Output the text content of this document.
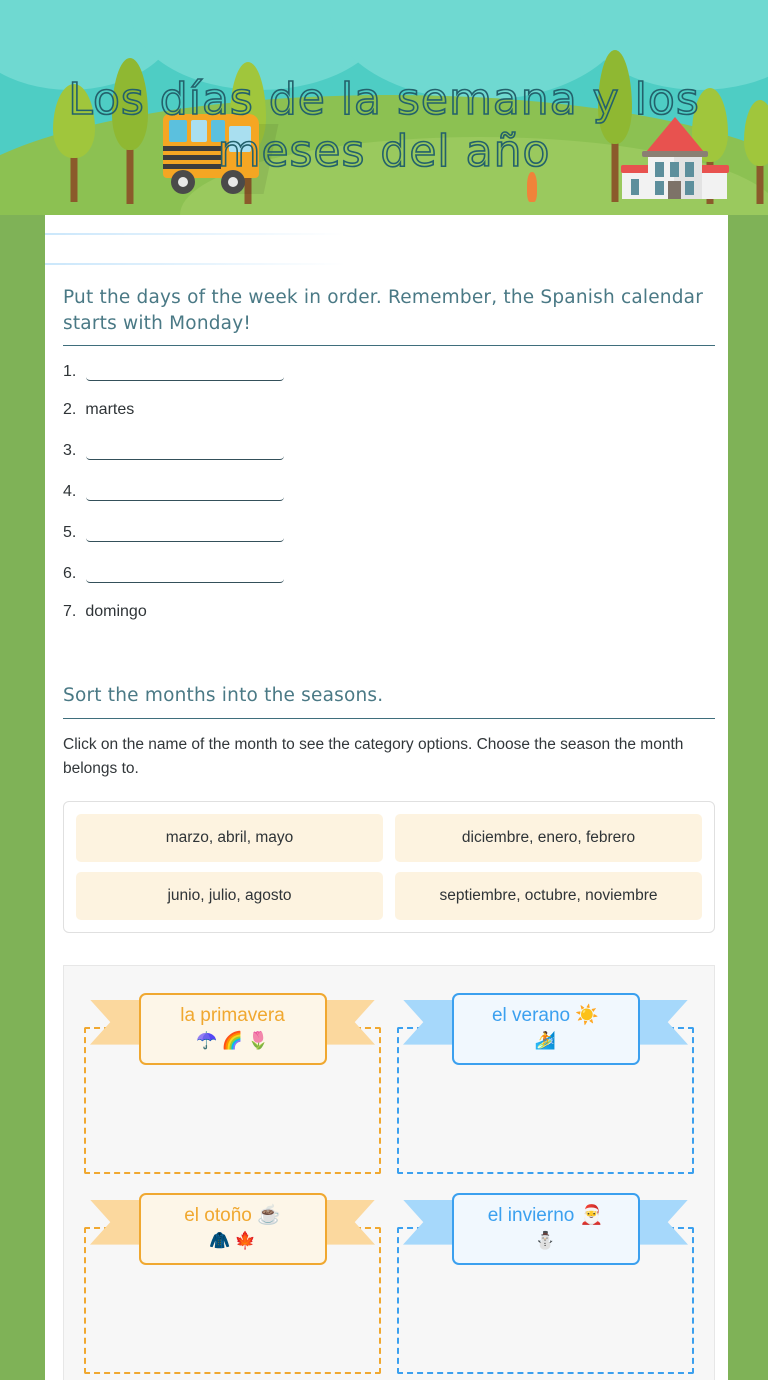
Los días de la semana y los meses del año
Put the days of the week in order. Remember, the Spanish calendar starts with Monday!
1.
2. martes
3.
4.
5.
6.
7. domingo
Sort the months into the seasons.

Click on the name of the month to see the category options. Choose the season the month belongs to.

marzo, abril, mayo	diciembre, enero, febrero
junio, julio, agosto	septiembre, octubre, noviembre
la primavera
☂️ 🌈 🌷
el verano ☀️
🏄
el otoño ☕
🧥 🍁
el invierno 🎅
⛄
